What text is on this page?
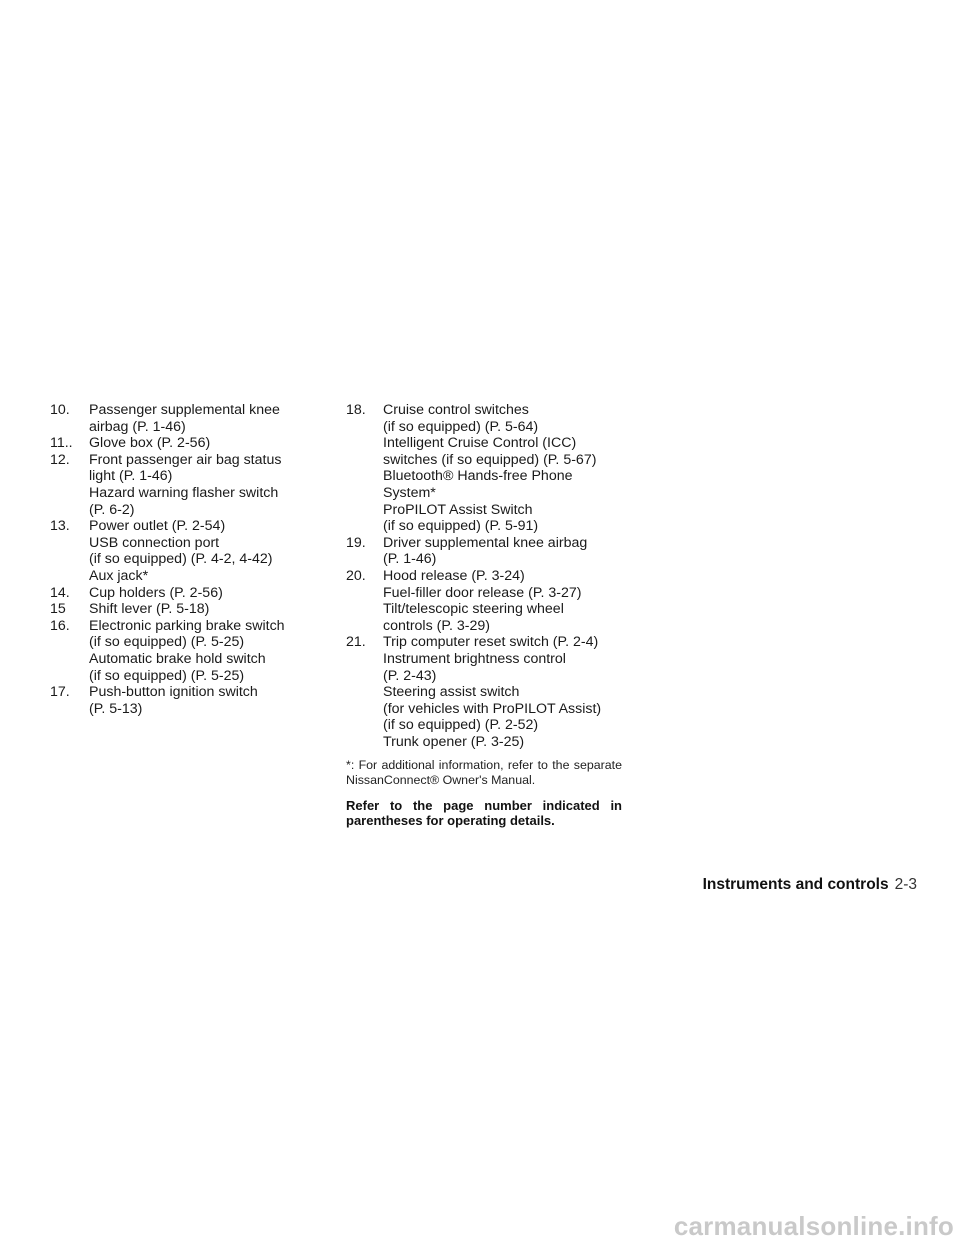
10.	Passenger supplemental knee
airbag (P. 1-46)
11..	Glove box (P. 2-56)
12.	Front passenger air bag status
light (P. 1-46)
Hazard warning flasher switch
(P. 6-2)
13.	Power outlet (P. 2-54)
USB connection port
(if so equipped) (P. 4-2, 4-42)
Aux jack*
14.	Cup holders (P. 2-56)
15	Shift lever (P. 5-18)
16.	Electronic parking brake switch
(if so equipped) (P. 5-25)
Automatic brake hold switch
(if so equipped) (P. 5-25)
17.	Push-button ignition switch
(P. 5-13)
18.	Cruise control switches
(if so equipped) (P. 5-64)
Intelligent Cruise Control (ICC)
switches (if so equipped) (P. 5-67)
Bluetooth® Hands-free Phone
System*
ProPILOT Assist Switch
(if so equipped) (P. 5-91)
19.	Driver supplemental knee airbag
(P. 1-46)
20.	Hood release (P. 3-24)
Fuel-filler door release (P. 3-27)
Tilt/telescopic steering wheel
controls (P. 3-29)
21.	Trip computer reset switch (P. 2-4)
Instrument brightness control
(P. 2-43)
Steering assist switch
(for vehicles with ProPILOT Assist)
(if so equipped) (P. 2-52)
Trunk opener (P. 3-25)
*: For additional information, refer to the separate NissanConnect® Owner's Manual.
Refer to the page number indicated in parentheses for operating details.
Instruments and controls 2-3
carmanualsonline.info
